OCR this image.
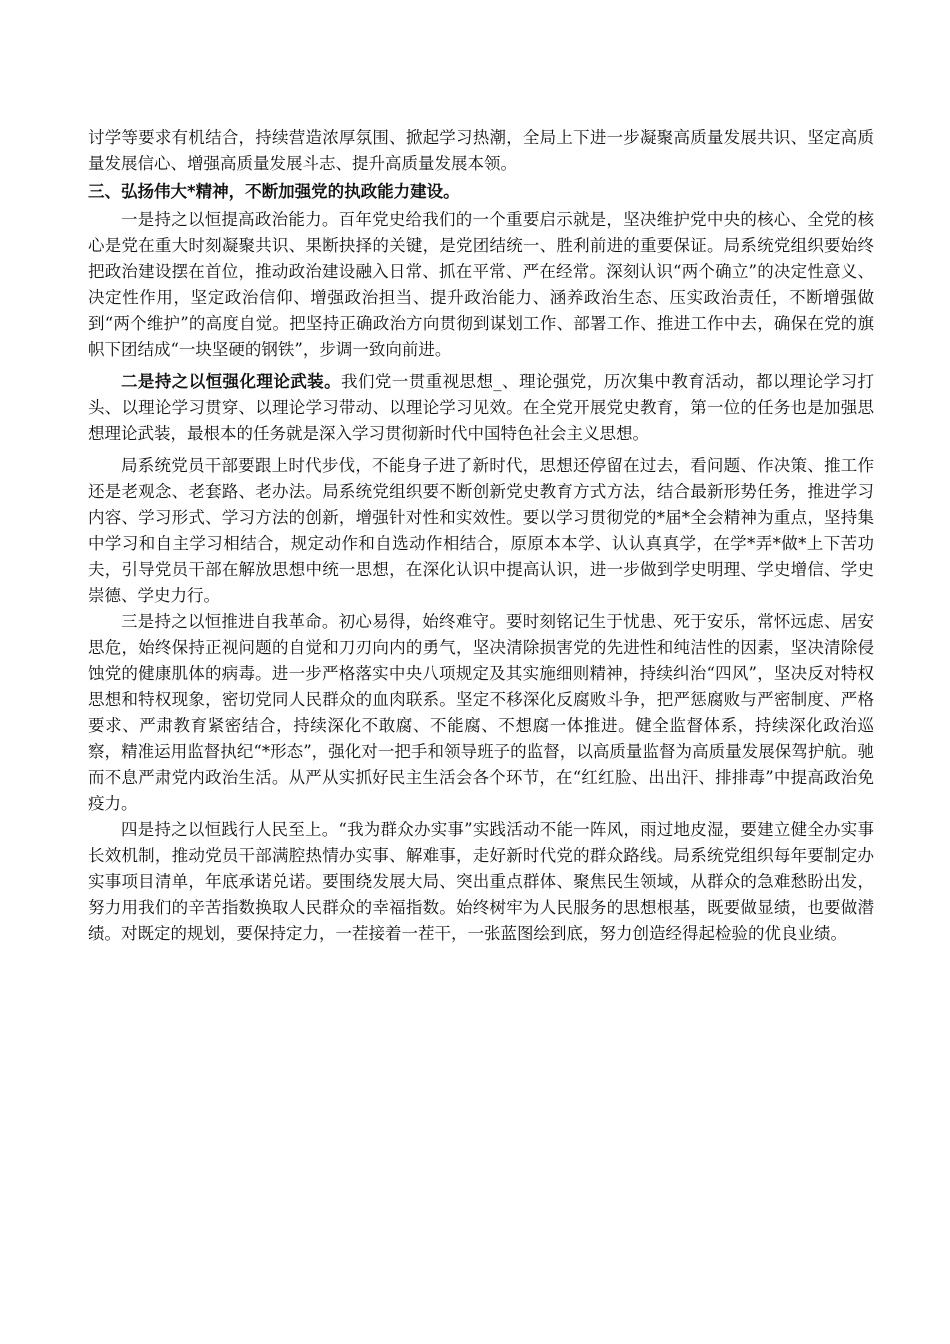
讨学等要求有机结合，持续营造浓厚氛围、掀起学习热潮，全局上下进一步凝聚高质量发展共识、坚定高质量发展信心、增强高质量发展斗志、提升高质量发展本领。

三、弘扬伟大*精神，不断加强党的执政能力建设。

一是持之以恒提高政治能力。百年党史给我们的一个重要启示就是，坚决维护党中央的核心、全党的核心是党在重大时刻凝聚共识、果断抉择的关键，是党团结统一、胜利前进的重要保证。局系统党组织要始终把政治建设摆在首位，推动政治建设融入日常、抓在平常、严在经常。深刻认识“两个确立”的决定性意义、决定性作用，坚定政治信仰、增强政治担当、提升政治能力、涵养政治生态、压实政治责任，不断增强做到“两个维护”的高度自觉。把坚持正确政治方向贯彻到谋划工作、部署工作、推进工作中去，确保在党的旗帜下团结成“一块坚硬的钢铁”，步调一致向前进。

二是持之以恒强化理论武装。我们党一贯重视思想_、理论强党，历次集中教育活动，都以理论学习打头、以理论学习贯穿、以理论学习带动、以理论学习见效。在全党开展党史教育，第一位的任务也是加强思想理论武装，最根本的任务就是深入学习贯彻新时代中国特色社会主义思想。

局系统党员干部要跟上时代步伐，不能身子进了新时代，思想还停留在过去，看问题、作决策、推工作还是老观念、老套路、老办法。局系统党组织要不断创新党史教育方式方法，结合最新形势任务，推进学习内容、学习形式、学习方法的创新，增强针对性和实效性。要以学习贯彻党的*届*全会精神为重点，坚持集中学习和自主学习相结合，规定动作和自选动作相结合，原原本本学、认认真真学，在学*弄*做*上下苦功夫，引导党员干部在解放思想中统一思想，在深化认识中提高认识，进一步做到学史明理、学史增信、学史崇德、学史力行。

三是持之以恒推进自我革命。初心易得，始终难守。要时刻铭记生于忧患、死于安乐，常怀远虑、居安思危，始终保持正视问题的自觉和刀刃向内的勇气，坚决清除损害党的先进性和纯洁性的因素，坚决清除侵蚀党的健康肌体的病毒。进一步严格落实中央八项规定及其实施细则精神，持续纠治“四风”，坚决反对特权思想和特权现象，密切党同人民群众的血肉联系。坚定不移深化反腐败斗争，把严惩腐败与严密制度、严格要求、严肃教育紧密结合，持续深化不敢腐、不能腐、不想腐一体推进。健全监督体系，持续深化政治巡察，精准运用监督执纪“*形态”，强化对一把手和领导班子的监督，以高质量监督为高质量发展保驾护航。驰而不息严肃党内政治生活。从严从实抓好民主生活会各个环节，在“红红脸、出出汗、排排毒”中提高政治免疫力。

四是持之以恒践行人民至上。“我为群众办实事”实践活动不能一阵风，雨过地皮湿，要建立健全办实事长效机制，推动党员干部满腔热情办实事、解难事，走好新时代党的群众路线。局系统党组织每年要制定办实事项目清单，年底承诺兑诺。要围绕发展大局、突出重点群体、聚焦民生领域，从群众的急难愁盼出发，努力用我们的辛苦指数换取人民群众的幸福指数。始终树牢为人民服务的思想根基，既要做显绩，也要做潜绩。对既定的规划，要保持定力，一茬接着一茬干，一张蓝图绘到底，努力创造经得起检验的优良业绩。
